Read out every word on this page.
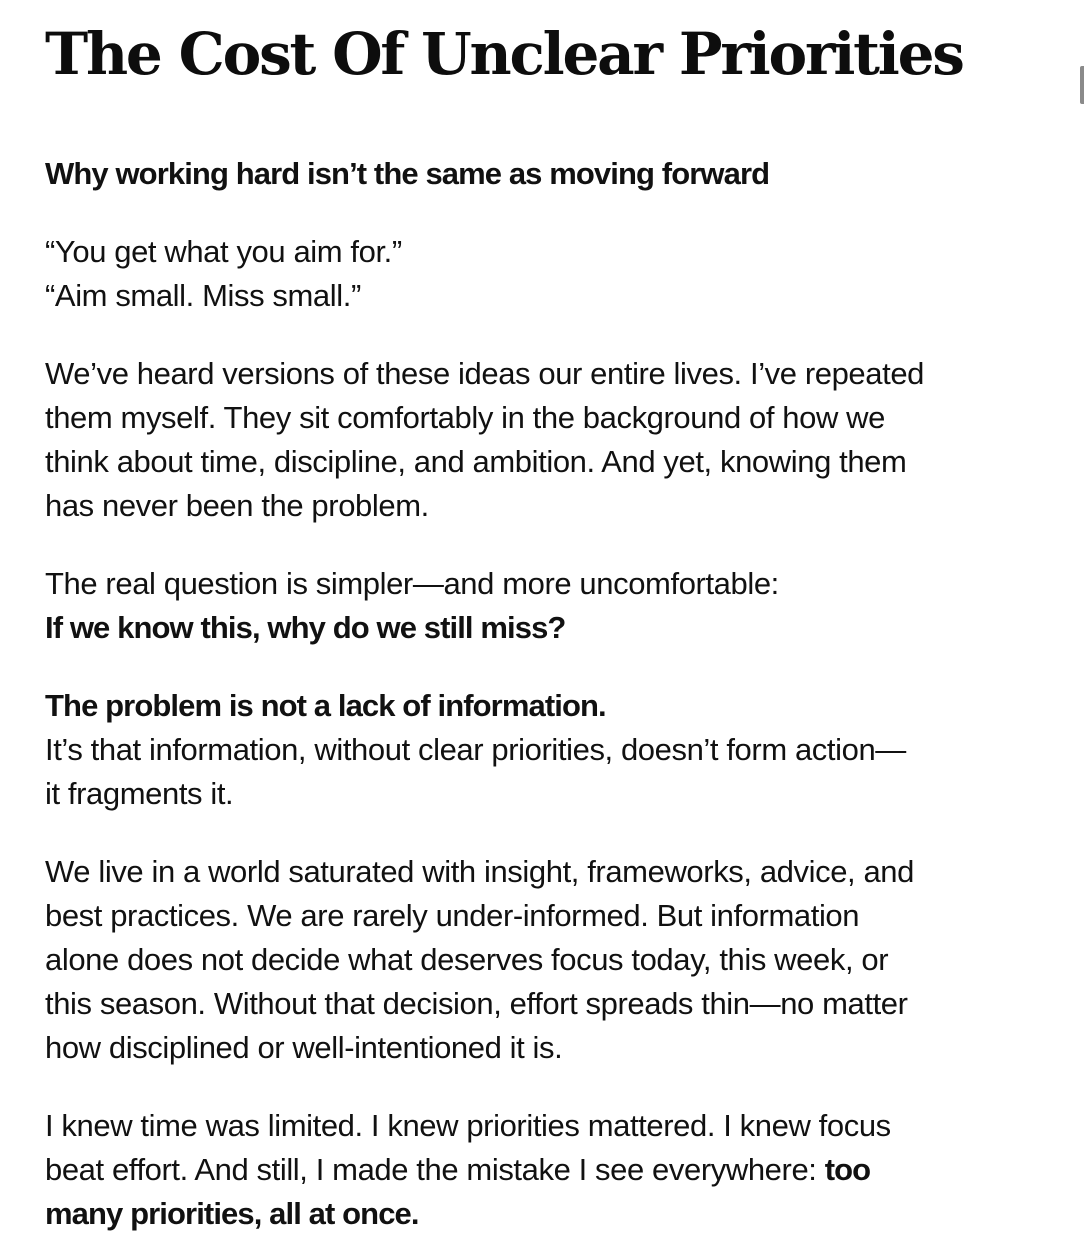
The Cost Of Unclear Priorities
Why working hard isn’t the same as moving forward

“You get what you aim for.”
“Aim small. Miss small.”

We’ve heard versions of these ideas our entire lives. I’ve repeated
them myself. They sit comfortably in the background of how we
think about time, discipline, and ambition. And yet, knowing them
has never been the problem.

The real question is simpler—and more uncomfortable:
If we know this, why do we still miss?

The problem is not a lack of information.
It’s that information, without clear priorities, doesn’t form action—
it fragments it.

We live in a world saturated with insight, frameworks, advice, and
best practices. We are rarely under-informed. But information
alone does not decide what deserves focus today, this week, or
this season. Without that decision, effort spreads thin—no matter
how disciplined or well-intentioned it is.

I knew time was limited. I knew priorities mattered. I knew focus
beat effort. And still, I made the mistake I see everywhere: too
many priorities, all at once.
